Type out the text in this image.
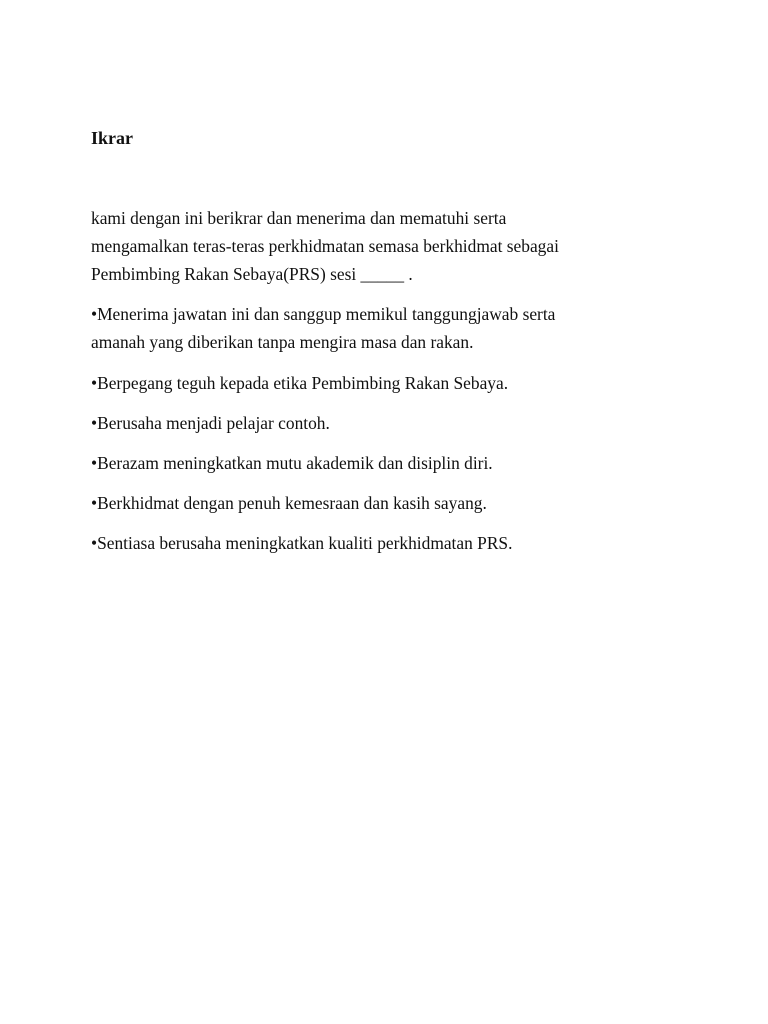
Ikrar

kami dengan ini berikrar dan menerima dan mematuhi serta
mengamalkan teras-teras perkhidmatan semasa berkhidmat sebagai
Pembimbing Rakan Sebaya(PRS) sesi _____ .

•Menerima jawatan ini dan sanggup memikul tanggungjawab serta
amanah yang diberikan tanpa mengira masa dan rakan.

•Berpegang teguh kepada etika Pembimbing Rakan Sebaya.

•Berusaha menjadi pelajar contoh.

•Berazam meningkatkan mutu akademik dan disiplin diri.

•Berkhidmat dengan penuh kemesraan dan kasih sayang.

•Sentiasa berusaha meningkatkan kualiti perkhidmatan PRS.
